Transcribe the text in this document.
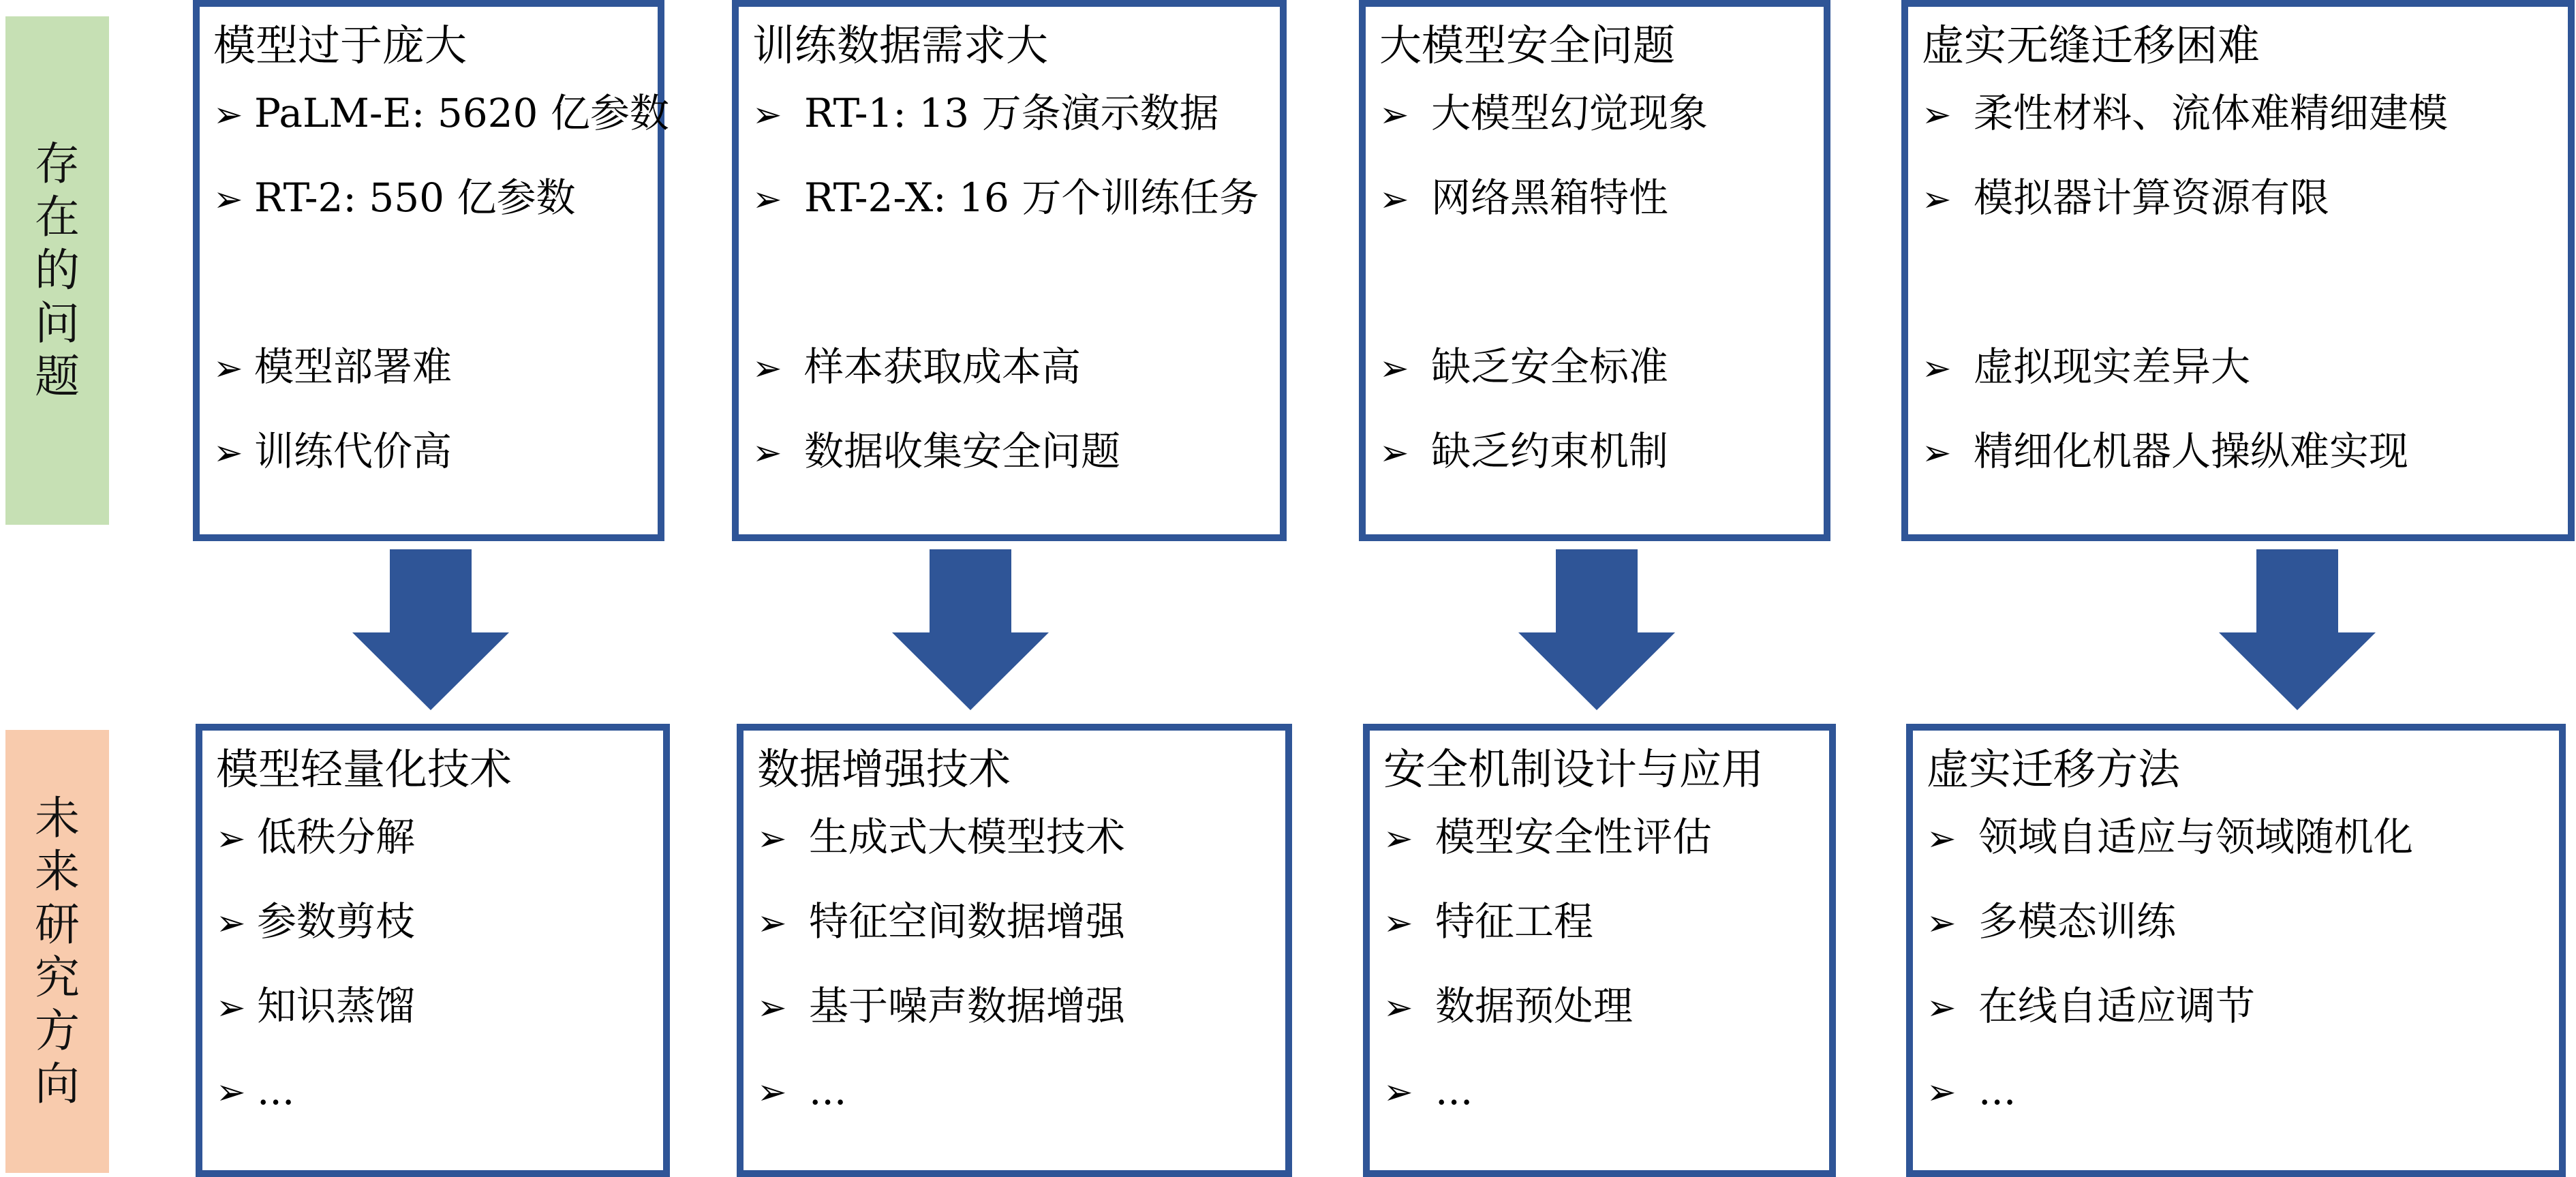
存在的问题
未来研究方向
模型过于庞大
➢ PaLM-E: 5620 亿参数
➢ RT-2: 550 亿参数
➢ 模型部署难
➢ 训练代价高
训练数据需求大
➢ RT-1: 13 万条演示数据
➢ RT-2-X: 16 万个训练任务
➢ 样本获取成本高
➢ 数据收集安全问题
大模型安全问题
➢ 大模型幻觉现象
➢ 网络黑箱特性
➢ 缺乏安全标准
➢ 缺乏约束机制
虚实无缝迁移困难
➢ 柔性材料、流体难精细建模
➢ 模拟器计算资源有限
➢ 虚拟现实差异大
➢ 精细化机器人操纵难实现
模型轻量化技术
➢ 低秩分解
➢ 参数剪枝
➢ 知识蒸馏
➢ ...
数据增强技术
➢ 生成式大模型技术
➢ 特征空间数据增强
➢ 基于噪声数据增强
➢ ...
安全机制设计与应用
➢ 模型安全性评估
➢ 特征工程
➢ 数据预处理
➢ ...
虚实迁移方法
➢ 领域自适应与领域随机化
➢ 多模态训练
➢ 在线自适应调节
➢ ...
